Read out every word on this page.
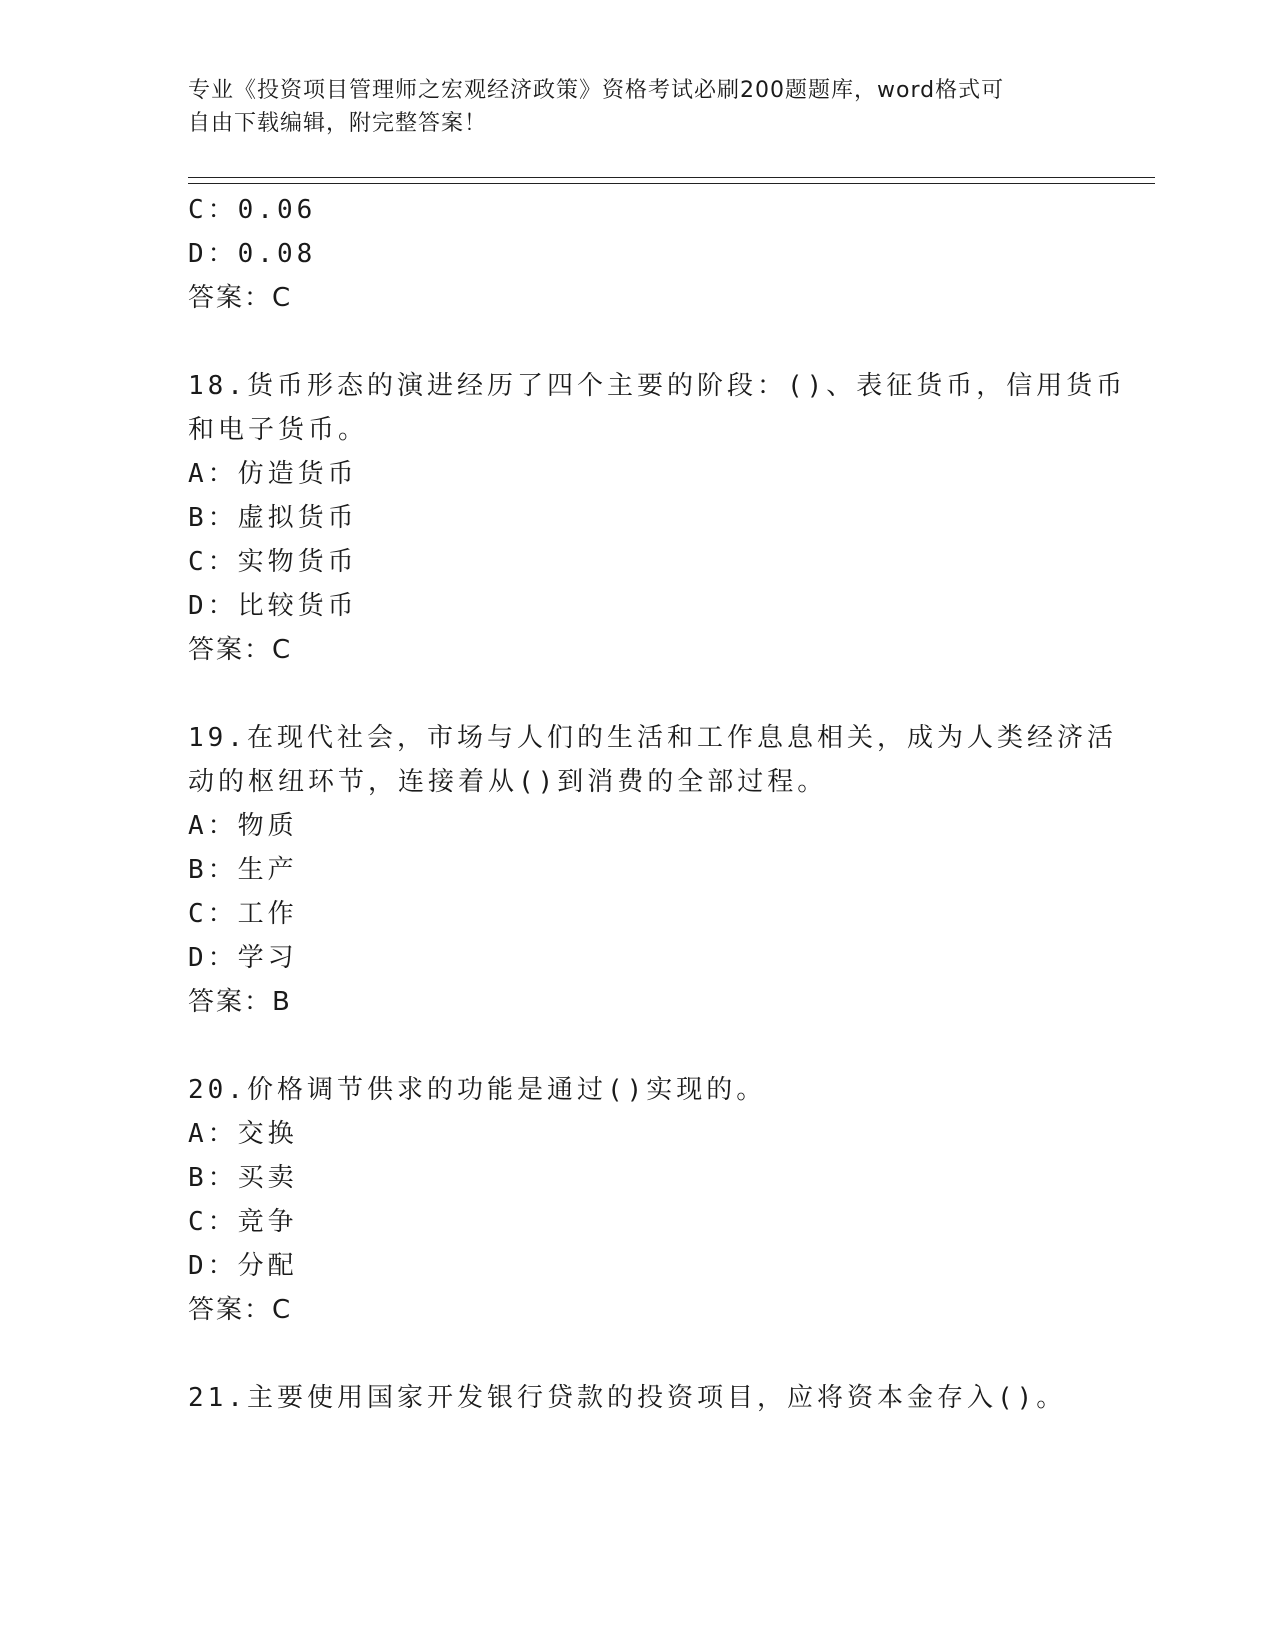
专业《投资项目管理师之宏观经济政策》资格考试必刷200题题库，word格式可
自由下载编辑，附完整答案！
C：0.06
D：0.08
答案：C
18.货币形态的演进经历了四个主要的阶段：()、表征货币，信用货币
和电子货币。
A：仿造货币
B：虚拟货币
C：实物货币
D：比较货币
答案：C
19.在现代社会，市场与人们的生活和工作息息相关，成为人类经济活
动的枢纽环节，连接着从()到消费的全部过程。
A：物质
B：生产
C：工作
D：学习
答案：B
20.价格调节供求的功能是通过()实现的。
A：交换
B：买卖
C：竞争
D：分配
答案：C
21.主要使用国家开发银行贷款的投资项目，应将资本金存入()。
